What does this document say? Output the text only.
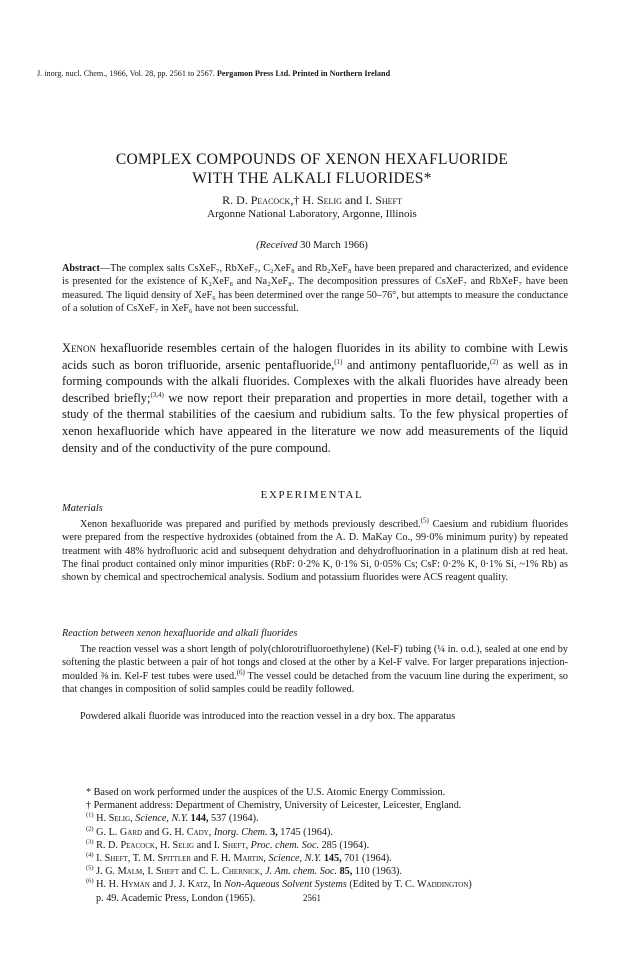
J. inorg. nucl. Chem., 1966, Vol. 28, pp. 2561 to 2567. Pergamon Press Ltd. Printed in Northern Ireland
COMPLEX COMPOUNDS OF XENON HEXAFLUORIDE
WITH THE ALKALI FLUORIDES*
R. D. Peacock,† H. Selig and I. Sheft
Argonne National Laboratory, Argonne, Illinois
(Received 30 March 1966)
Abstract—The complex salts CsXeF₇, RbXeF₇, C₂XeF₈ and Rb₂XeF₈ have been prepared and characterized, and evidence is presented for the existence of K₂XeF₈ and Na₂XeF₈. The decomposition pressures of CsXeF₇ and RbXeF₇ have been measured. The liquid density of XeF₆ has been determined over the range 50–76°, but attempts to measure the conductance of a solution of CsXeF₇ in XeF₆ have not been successful.
Xenon hexafluoride resembles certain of the halogen fluorides in its ability to combine with Lewis acids such as boron trifluoride, arsenic pentafluoride,$^{(1)}$ and antimony pentafluoride,$^{(2)}$ as well as in forming compounds with the alkali fluorides. Complexes with the alkali fluorides have already been described briefly;$^{(3,4)}$ we now report their preparation and properties in more detail, together with a study of the thermal stabilities of the caesium and rubidium salts. To the few physical properties of xenon hexafluoride which have appeared in the literature we now add measurements of the liquid density and of the conductivity of the pure compound.
EXPERIMENTAL
Materials
Xenon hexafluoride was prepared and purified by methods previously described.$^{(5)}$ Caesium and rubidium fluorides were prepared from the respective hydroxides (obtained from the A. D. MaKay Co., 99·0% minimum purity) by repeated treatment with 48% hydrofluoric acid and subsequent dehydration and dehydrofluorination in a platinum dish at red heat. The final product contained only minor impurities (RbF: 0·2% K, 0·1% Si, 0·05% Cs; CsF: 0·2% K, 0·1% Si, ~1% Rb) as shown by chemical and spectrochemical analysis. Sodium and potassium fluorides were ACS reagent quality.
Reaction between xenon hexafluoride and alkali fluorides
The reaction vessel was a short length of poly(chlorotrifluoroethylene) (Kel-F) tubing (¼ in. o.d.), sealed at one end by softening the plastic between a pair of hot tongs and closed at the other by a Kel-F valve. For larger preparations injection-moulded ⅜ in. Kel-F test tubes were used.$^{(6)}$ The vessel could be detached from the vacuum line during the experiment, so that changes in composition of solid samples could be readily followed.
Powdered alkali fluoride was introduced into the reaction vessel in a dry box. The apparatus

* Based on work performed under the auspices of the U.S. Atomic Energy Commission.

† Permanent address: Department of Chemistry, University of Leicester, Leicester, England.

$^{(1)}$ H. Selig, Science, N.Y. 144, 537 (1964).

$^{(2)}$ G. L. Gard and G. H. Cady, Inorg. Chem. 3, 1745 (1964).

$^{(3)}$ R. D. Peacock, H. Selig and I. Sheft, Proc. chem. Soc. 285 (1964).

$^{(4)}$ I. Sheft, T. M. Spittler and F. H. Martin, Science, N.Y. 145, 701 (1964).

$^{(5)}$ J. G. Malm, I. Sheft and C. L. Chernick, J. Am. chem. Soc. 85, 110 (1963).

$^{(6)}$ H. H. Hyman and J. J. Katz, In Non-Aqueous Solvent Systems (Edited by T. C. Waddington)

p. 49. Academic Press, London (1965).	2561
